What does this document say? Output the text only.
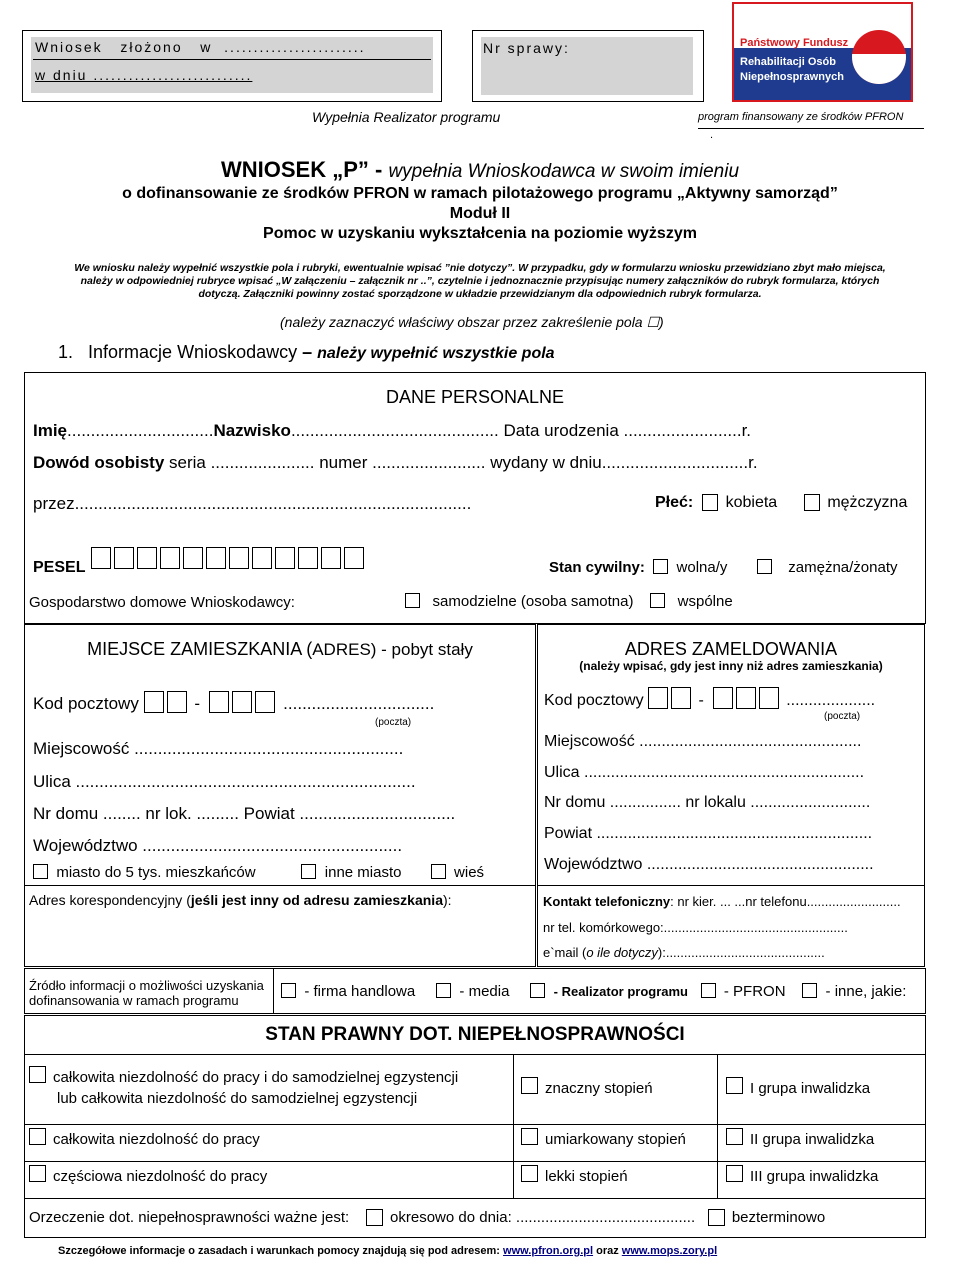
Wniosek   złożono   w  ........................
w dniu ...........................
Nr sprawy:
Wypełnia Realizator programu
Państwowy Fundusz
Rehabilitacji Osób
Niepełnosprawnych
program finansowany ze środków PFRON
.
WNIOSEK „P” - wypełnia Wnioskodawca w swoim imieniu
o dofinansowanie ze środków PFRON w ramach pilotażowego programu „Aktywny samorząd”
Moduł II
Pomoc w uzyskaniu wykształcenia na poziomie wyższym
We wniosku należy wypełnić wszystkie pola i rubryki, ewentualnie wpisać ”nie dotyczy”. W przypadku, gdy w formularzu wniosku przewidziano zbyt mało miejsca,
należy w odpowiedniej rubryce wpisać „W załączeniu – załącznik nr ..”, czytelnie i jednoznacznie przypisując numery załączników do rubryk formularza, których
dotyczą. Załączniki powinny zostać sporządzone w układzie przewidzianym dla odpowiednich rubryk formularza.
(należy zaznaczyć właściwy obszar przez zakreślenie pola ☐)
1. Informacje Wnioskodawcy – należy wypełnić wszystkie pola
DANE PERSONALNE
Imię...............................Nazwisko............................................ Data urodzenia .........................r.
Dowód osobisty seria ...................... numer ........................ wydany w dniu...............................r.
przez....................................................................................	Płeć: kobieta	mężczyzna
PESEL	Stan cywilny: wolna/y	zamężna/żonaty
Gospodarstwo domowe Wnioskodawcy:	samodzielne (osoba samotna)	wspólne
MIEJSCE ZAMIESZKANIA (ADRES) - pobyt stały
Kod pocztowy	-	................................
(poczta)
Miejscowość .........................................................
Ulica ........................................................................
Nr domu ........ nr lok. ......... Powiat .................................
Województwo .......................................................
miasto do 5 tys. mieszkańców	inne miasto	wieś
ADRES ZAMELDOWANIA
(należy wpisać, gdy jest inny niż adres zamieszkania)
Kod pocztowy	-	....................
(poczta)
Miejscowość ..................................................
Ulica ...............................................................
Nr domu ................ nr lokalu ...........................
Powiat ..............................................................
Województwo ...................................................
Adres korespondencyjny (jeśli jest inny od adresu zamieszkania):	Kontakt telefoniczny: nr kier. ... ...nr telefonu..........................
nr tel. komórkowego:...................................................
e`mail (o ile dotyczy):............................................
Źródło informacji o możliwości uzyskania
dofinansowania w ramach programu
- firma handlowa	- media	- Realizator programu - PFRON	- inne, jakie:
STAN PRAWNY DOT. NIEPEŁNOSPRAWNOŚCI
całkowita niezdolność do pracy i do samodzielnej egzystencji
lub całkowita niezdolność do samodzielnej egzystencji
znaczny stopień	I grupa inwalidzka
całkowita niezdolność do pracy	umiarkowany stopień	II grupa inwalidzka
częściowa niezdolność do pracy	lekki stopień	III grupa inwalidzka
Orzeczenie dot. niepełnosprawności ważne jest:	okresowo do dnia: ........................................... bezterminowo
Szczegółowe informacje o zasadach i warunkach pomocy znajdują się pod adresem: www.pfron.org.pl oraz www.mops.zory.pl
